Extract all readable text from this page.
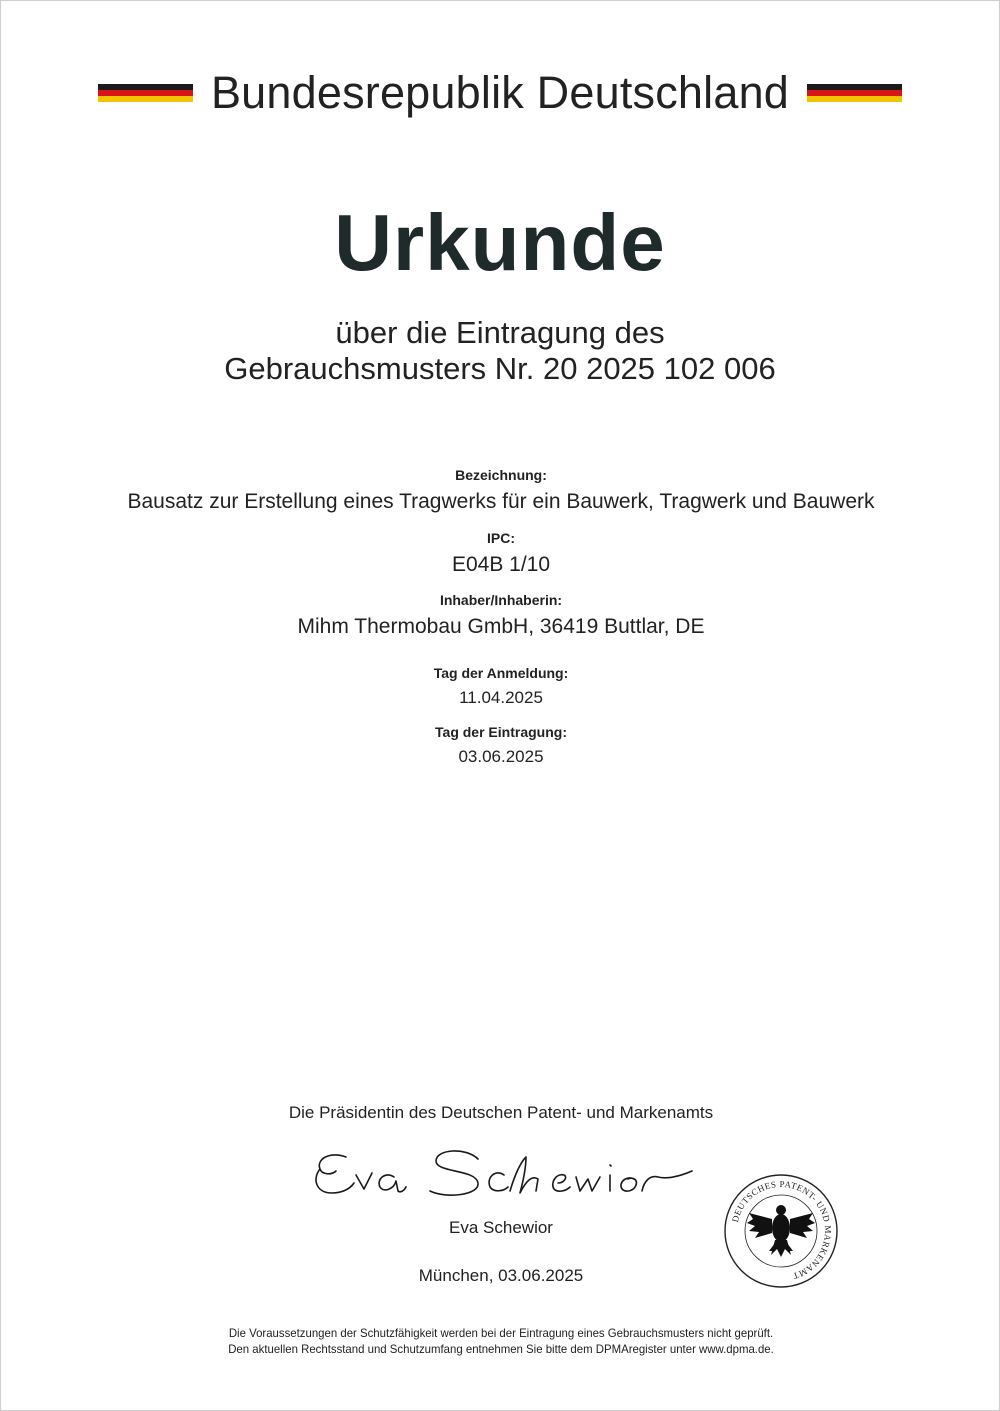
Bundesrepublik Deutschland
Urkunde
über die Eintragung des
Gebrauchsmusters Nr. 20 2025 102 006
Bezeichnung:
Bausatz zur Erstellung eines Tragwerks für ein Bauwerk, Tragwerk und Bauwerk
IPC:
E04B 1/10
Inhaber/Inhaberin:
Mihm Thermobau GmbH, 36419 Buttlar, DE
Tag der Anmeldung:
11.04.2025
Tag der Eintragung:
03.06.2025
Die Präsidentin des Deutschen Patent- und Markenamts
Eva Schewior
München, 03.06.2025
DEUTSCHES PATENT- UND MARKENAMT
Die Voraussetzungen der Schutzfähigkeit werden bei der Eintragung eines Gebrauchsmusters nicht geprüft.
Den aktuellen Rechtsstand und Schutzumfang entnehmen Sie bitte dem DPMAregister unter www.dpma.de.
